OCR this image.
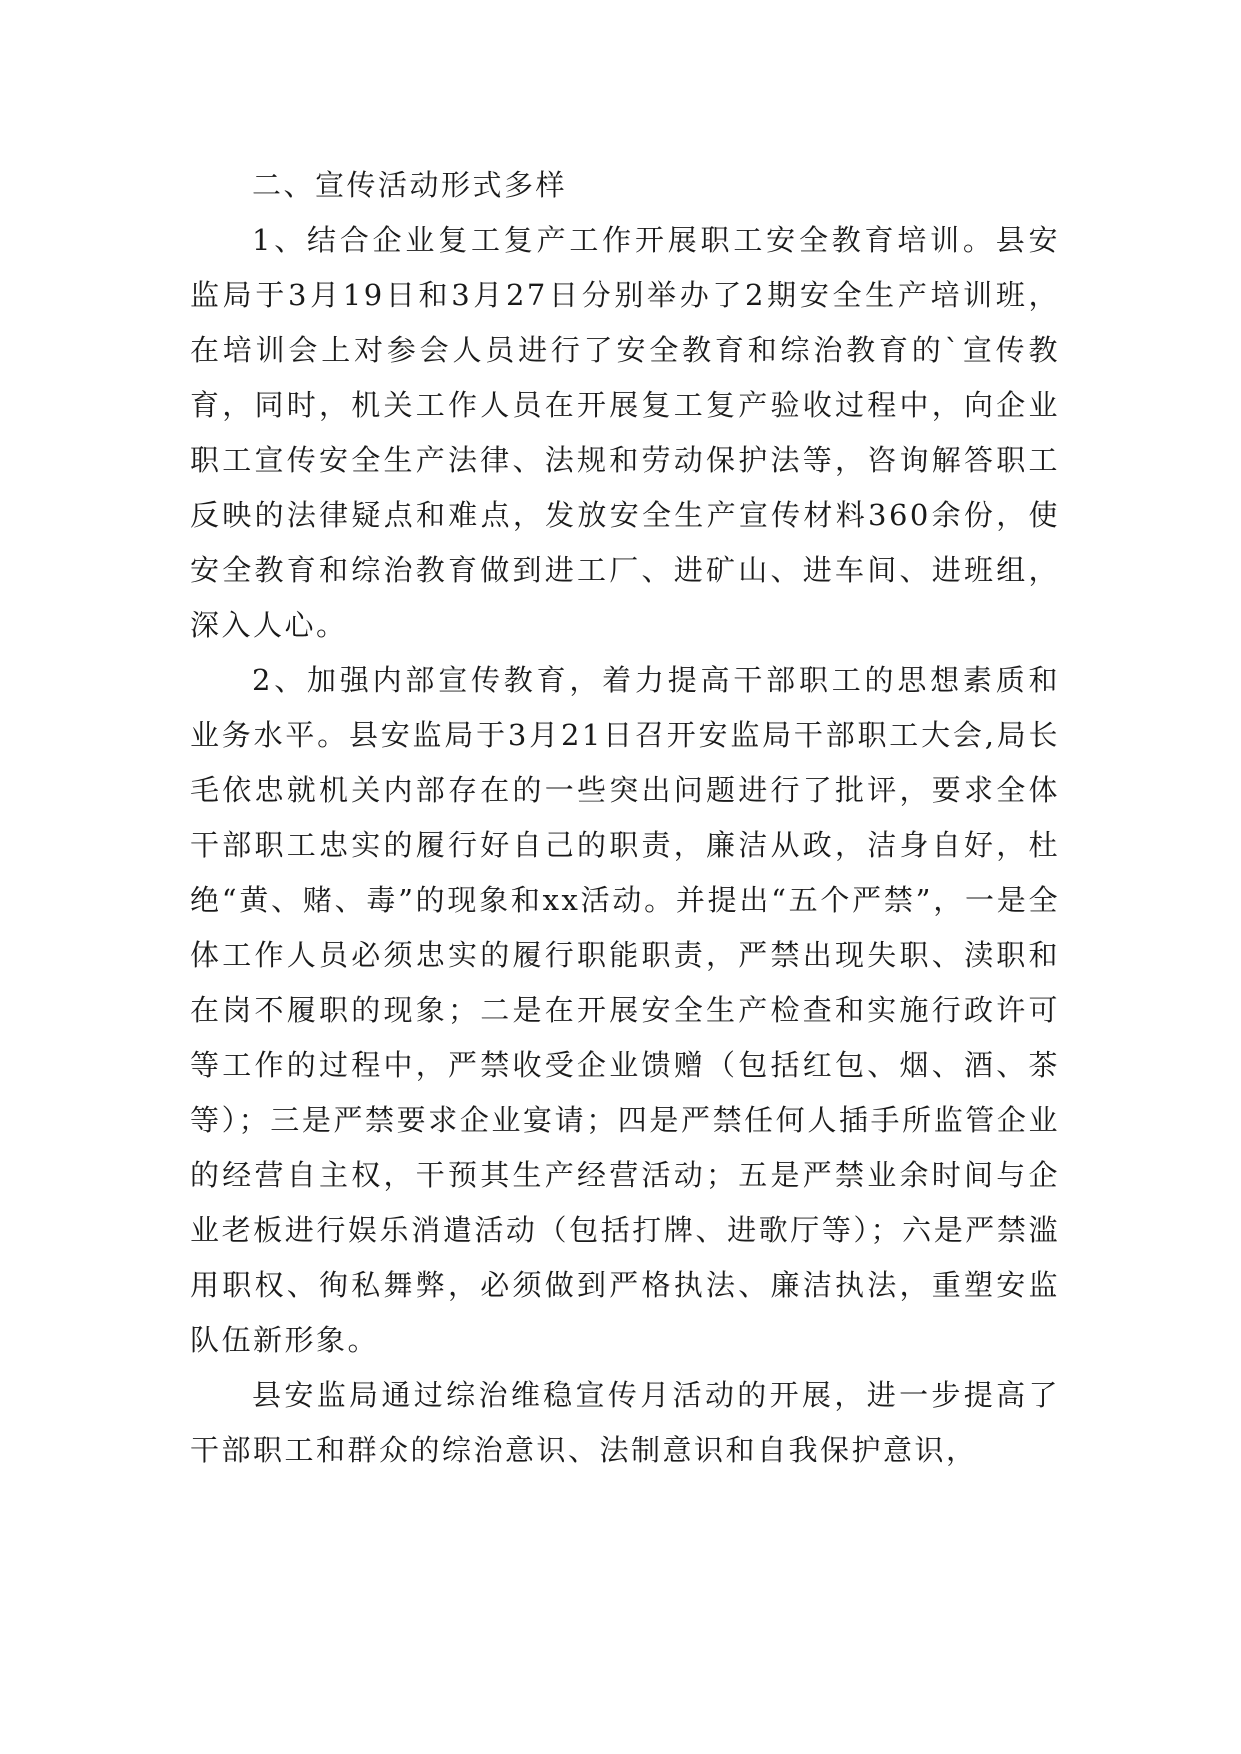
二、宣传活动形式多样

1、结合企业复工复产工作开展职工安全教育培训。县安监局于3月19日和3月27日分别举办了2期安全生产培训班，在培训会上对参会人员进行了安全教育和综治教育的`宣传教育，同时，机关工作人员在开展复工复产验收过程中，向企业职工宣传安全生产法律、法规和劳动保护法等，咨询解答职工反映的法律疑点和难点，发放安全生产宣传材料360余份，使安全教育和综治教育做到进工厂、进矿山、进车间、进班组，深入人心。

2、加强内部宣传教育，着力提高干部职工的思想素质和业务水平。县安监局于3月21日召开安监局干部职工大会,局长毛依忠就机关内部存在的一些突出问题进行了批评，要求全体干部职工忠实的履行好自己的职责，廉洁从政，洁身自好，杜绝“黄、赌、毒”的现象和xx活动。并提出“五个严禁”，一是全体工作人员必须忠实的履行职能职责，严禁出现失职、渎职和在岗不履职的现象；二是在开展安全生产检查和实施行政许可等工作的过程中，严禁收受企业馈赠（包括红包、烟、酒、茶等）；三是严禁要求企业宴请；四是严禁任何人插手所监管企业的经营自主权，干预其生产经营活动；五是严禁业余时间与企业老板进行娱乐消遣活动（包括打牌、进歌厅等）；六是严禁滥用职权、徇私舞弊，必须做到严格执法、廉洁执法，重塑安监队伍新形象。

县安监局通过综治维稳宣传月活动的开展，进一步提高了干部职工和群众的综治意识、法制意识和自我保护意识，
